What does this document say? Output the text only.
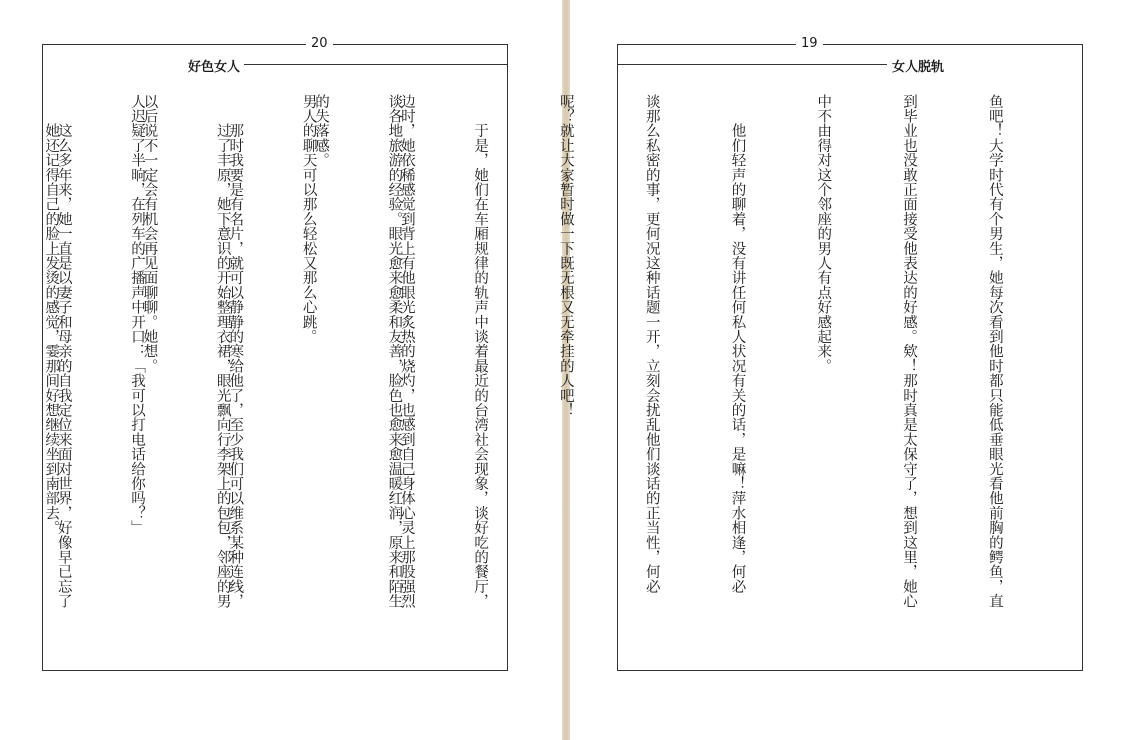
20
好色女人

边时，她依稀感觉到背上有他眼光炙热的烧灼，也感到自己身体心灵上那股强烈

的失落感。

　　那时我要是有名片，就可以静静的寒给他了，至少我们可以维系某种连线，

以后说不一定会有机会再见面聊聊。她想。

　　这么多年来，她一直是以妻子和母亲的自我定位来面对世界，好像早已忘了

19
女人脱轨

鱼吧！大学时代有个男生，她每次看到他时都只能低垂眼光看他前胸的鳄鱼，直

到毕业也没敢正面接受他表达的好感。欸！那时真是太保守了，想到这里，她心

中不由得对这个邻座的男人有点好感起来。

　　他们轻声的聊着，没有讲任何私人状况有关的话，是嘛！萍水相逢，何必

谈那么私密的事，更何况这种话题一开，立刻会扰乱他们谈话的正当性，何必

呢？就让大家暂时做一下既无根又无牵挂的人吧！

　　于是，她们在车厢规律的轨声中谈着最近的台湾社会现象，谈好吃的餐厅，

谈各地旅游的经验。眼光愈来愈柔和友善，脸色也愈来愈温暖红润，原来和陌生

男人的聊天可以那么轻松又那么心跳。

　　过了丰原，她下意识的开始整理衣裙，眼光飘向行李架上的包包，邻座的男

人迟疑了半晌，在列车的广播声中开口：「我可以打电话给你吗？」

　　她还记得自己的脸上发烫的感觉，霎那间好想继续坐到南部去。
